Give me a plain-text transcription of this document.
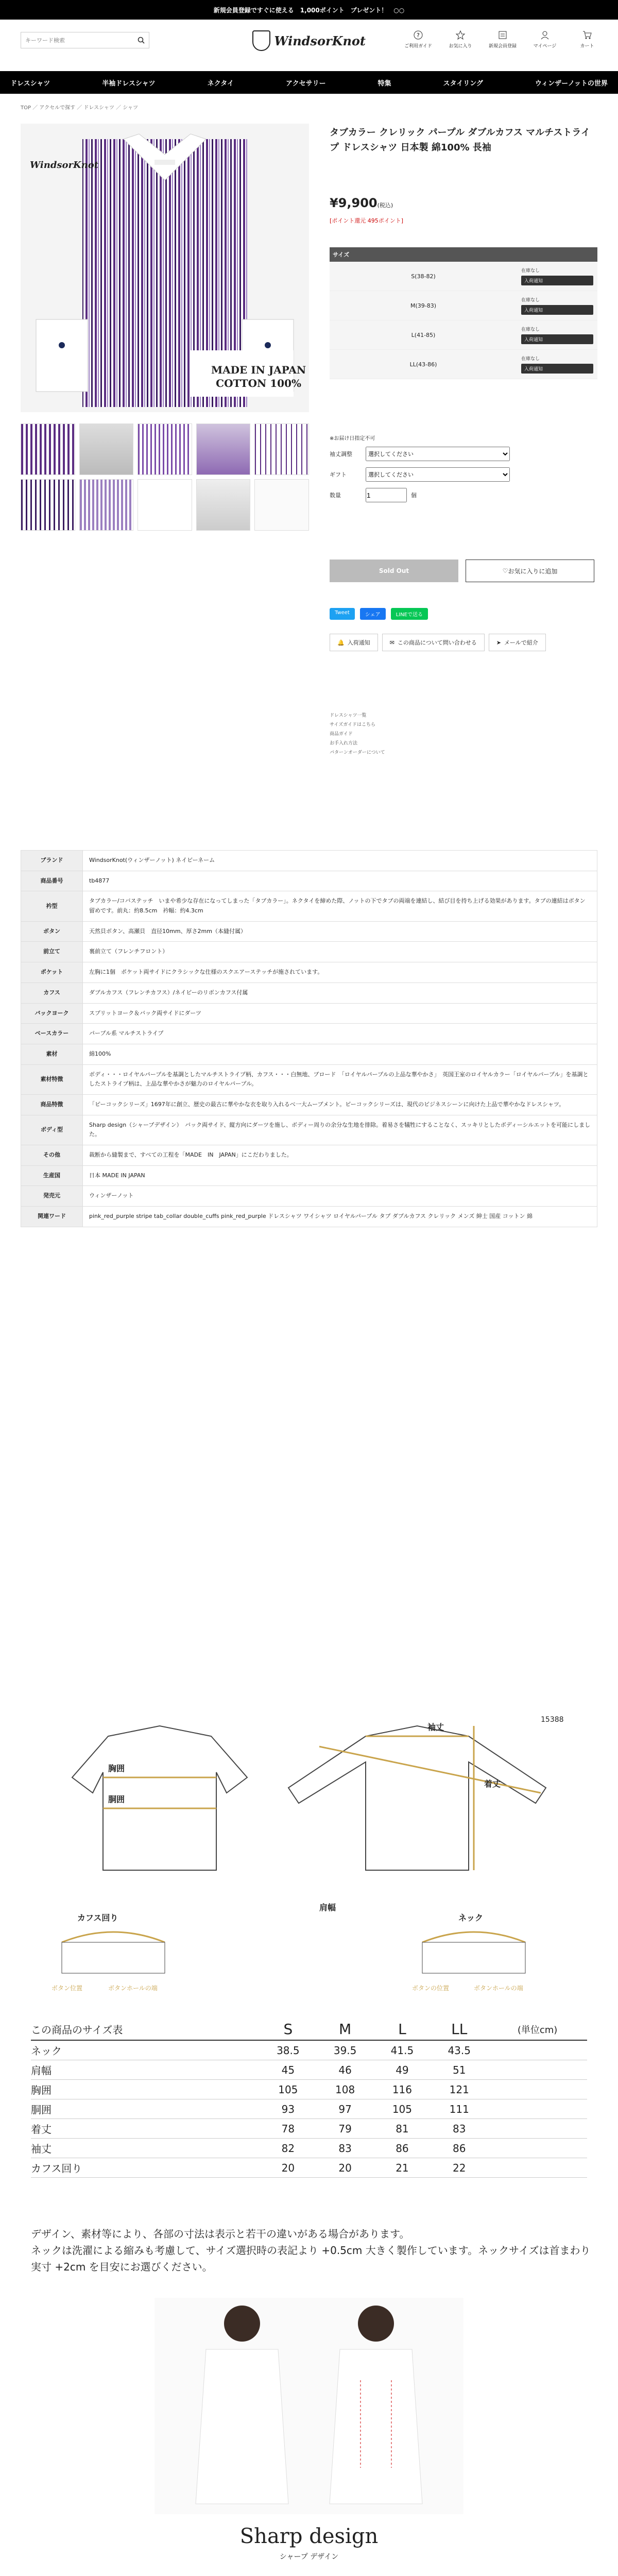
新規会員登録ですぐに使える　1,000ポイント　プレゼント！　○○
キーワード検索
WindsorKnot	?
ご利用ガイド	お気に入り	新規会員登録	マイページ	カート
ドレスシャツ	半袖ドレスシャツ	ネクタイ	アクセサリー	特集	スタイリング	ウィンザーノットの世界
TOP ／ アクセルで探す ／ ドレスシャツ ／ シャツ
MADE IN JAPAN
COTTON 100%
WindsorKnot
タブカラー クレリック パープル ダブルカフス マルチストライプ ドレスシャツ 日本製 綿100% 長袖
¥9,900(税込)
[ポイント還元 495ポイント]
サイズ	
S(38-82)	在庫なし
入荷通知

M(39-83)	在庫なし
入荷通知

L(41-85)	在庫なし
入荷通知

LL(43-86)	在庫なし
入荷通知
※お届け日指定不可
袖丈調整
選択してください
ギフト
選択してください
数量
1	個
Sold Out	♡ お気に入りに追加
Tweet	シェア	LINEで送る
🔔 入荷通知	✉ この商品について問い合わせる	➤ メールで紹介
ドレスシャツ一覧
サイズガイドはこちら
商品ガイド
お手入れ方法
パターンオーダーについて
ブランド	WindsorKnot(ウィンザーノット) ネイビーネーム
商品番号	tb4877
衿型	タブカラー/コバステッチ　いまや希少な存在になってしまった「タブカラー」。ネクタイを締めた際、ノットの下でタブの両端を連結し、結び目を持ち上げる効果があります。タブの連結はボタン留めです。前丸：約8.5cm　衿幅：約4.3cm
ボタン	天然貝ボタン、高瀬貝　直径10mm、厚さ2mm（本縫付属）
前立て	裏前立て（フレンチフロント）
ポケット	左胸に1個　ポケット両サイドにクラシックな仕様のスクエアーステッチが施されています。
カフス	ダブルカフス（フレンチカフス）/ネイビーのリボンカフス付属
バックヨーク	スプリットヨーク＆バック両サイドにダーツ
ベースカラー	パープル系 マルチストライプ
素材	綿100%
素材特徴	ボディ・・・ロイヤルパープルを基調としたマルチストライプ柄、カフス・・・白無地、ブロード　「ロイヤルパープルの上品な華やかさ」　英国王室のロイヤルカラー「ロイヤルパープル」を基調としたストライプ柄は、上品な華やかさが魅力のロイヤルパープル。
商品特徴	「ピーコックシリーズ」1697年に創立、歴史の最古に華やかな衣を取り入れるべ一大ムーブメント。ピーコックシリーズは、現代のビジネスシーンに向けた上品で華やかなドレスシャツ。
ボディ型	Sharp design（シャープデザイン）　バック両サイド、縦方向にダーツを施し、ボディー周りの余分な生地を排除。着易さを犠牲にすることなく、スッキリとしたボディーシルエットを可能にしました。
その他	裁断から縫製まで、すべての工程を「MADE　IN　JAPAN」にこだわりました。
生産国	日本 MADE IN JAPAN
発売元	ウィンザーノット
関連ワード	pink_red_purple stripe tab_collar double_cuffs pink_red_purple ドレスシャツ ワイシャツ ロイヤルパープル タブ ダブルカフス クレリック メンズ 紳士 国産 コットン 綿
胸囲
胴囲
カフス回り
ボタン位置	ボタンホールの端
肩幅
袖丈
着丈
ネック
ボタンの位置	ボタンホールの端
15388
この商品のサイズ表	S	M	L	LL	(単位cm)
ネック	38.5	39.5	41.5	43.5	
肩幅	45	46	49	51	
胸囲	105	108	116	121	
胴囲	93	97	105	111	
着丈	78	79	81	83	
袖丈	82	83	86	86	
カフス回り	20	20	21	22	
デザイン、素材等により、各部の寸法は表示と若干の違いがある場合があります。
ネックは洗濯による縮みも考慮して、サイズ選択時の表記より +0.5cm 大きく製作しています。ネックサイズは首まわり実寸 +2cm を目安にお選びください。
Sharp design
シャープ デザイン
